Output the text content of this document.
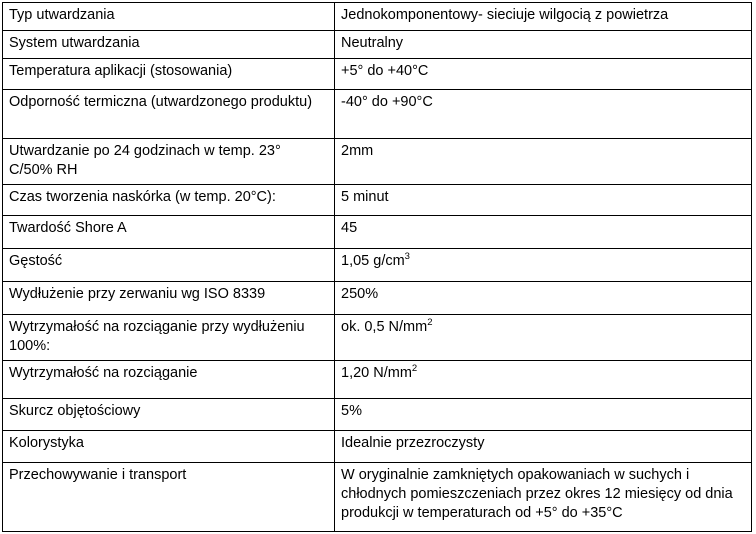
Typ utwardzania	Jednokomponentowy- sieciuje wilgocią z powietrza
System utwardzania	Neutralny
Temperatura aplikacji (stosowania)	+5° do +40°C
Odporność termiczna (utwardzonego produktu)	-40° do +90°C
Utwardzanie po 24 godzinach w temp. 23° C/50% RH	2mm
Czas tworzenia naskórka (w temp. 20°C):	5 minut
Twardość Shore A	45
Gęstość	1,05 $g/cm^3$
Wydłużenie przy zerwaniu wg ISO 8339	250%
Wytrzymałość na rozciąganie przy wydłużeniu 100%:	ok. 0,5 $N/mm^2$
Wytrzymałość na rozciąganie	1,20 $N/mm^2$
Skurcz objętościowy	5%
Kolorystyka	Idealnie przezroczysty
Przechowywanie i transport	W oryginalnie zamkniętych opakowaniach w suchych i chłodnych pomieszczeniach przez okres 12 miesięcy od dnia produkcji w temperaturach od +5° do +35°C
